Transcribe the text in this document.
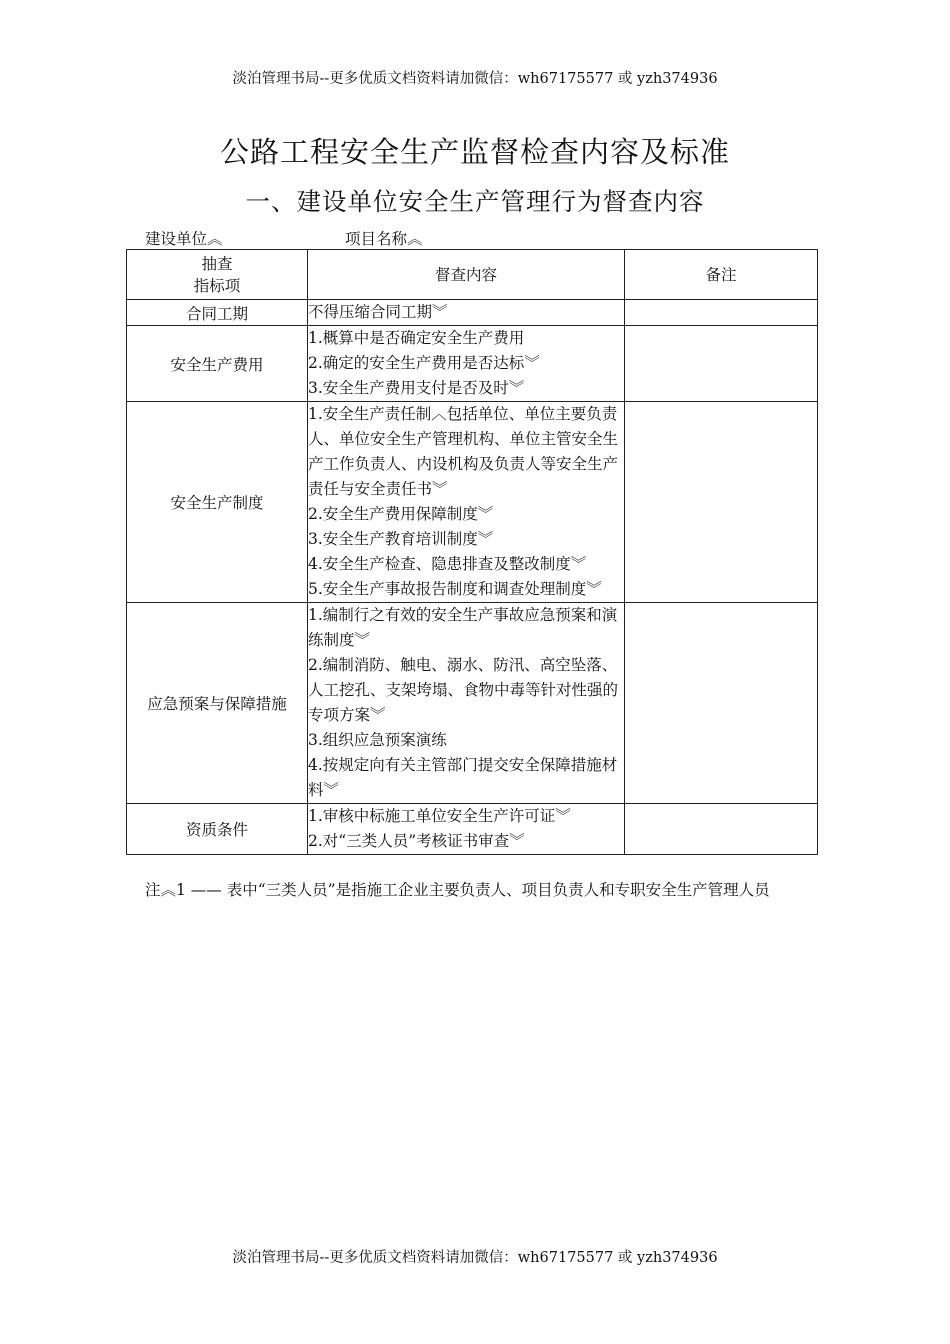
淡泊管理书局--更多优质文档资料请加微信：wh67175577 或 yzh374936
公路工程安全生产监督检查内容及标准
一、建设单位安全生产管理行为督查内容
建设单位︽	项目名称︽
抽查
指标项	督查内容	备注
合同工期	不得压缩合同工期︾	

安全生产费用	1.概算中是否确定安全生产费用
2.确定的安全生产费用是否达标︾
3.安全生产费用支付是否及时︾	

安全生产制度	1.安全生产责任制︿包括单位、单位主要负责人、单位安全生产管理机构、单位主管安全生产工作负责人、内设机构及负责人等安全生产责任与安全责任书︾
2.安全生产费用保障制度︾
3.安全生产教育培训制度︾
4.安全生产检查、隐患排查及整改制度︾
5.安全生产事故报告制度和调查处理制度︾	

应急预案与保障措施	1.编制行之有效的安全生产事故应急预案和演练制度︾
2.编制消防、触电、溺水、防汛、高空坠落、人工挖孔、支架垮塌、食物中毒等针对性强的专项方案︾
3.组织应急预案演练
4.按规定向有关主管部门提交安全保障措施材料︾	

资质条件	1.审核中标施工单位安全生产许可证︾
2.对“三类人员”考核证书审查︾	

注︽1 —— 表中“三类人员”是指施工企业主要负责人、项目负责人和专职安全生产管理人员
淡泊管理书局--更多优质文档资料请加微信：wh67175577 或 yzh374936
